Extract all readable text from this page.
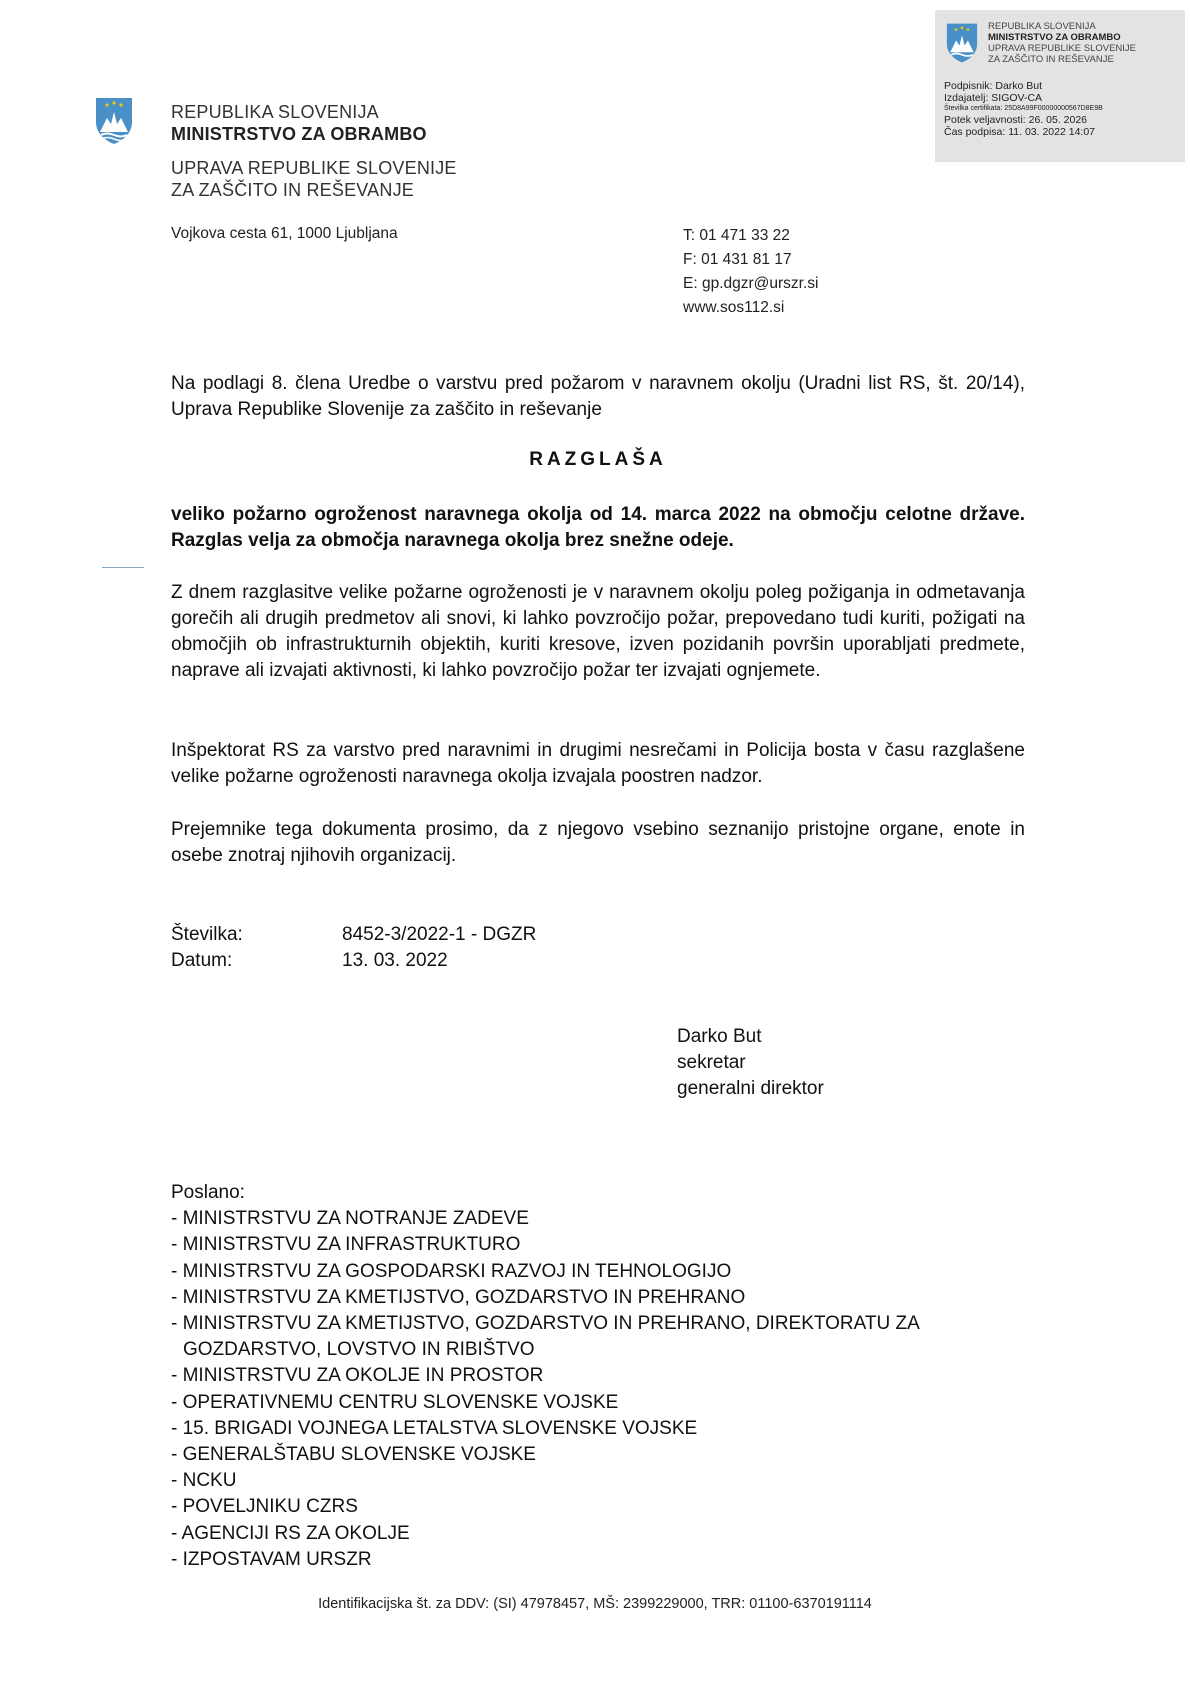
REPUBLIKA SLOVENIJA
MINISTRSTVO ZA OBRAMBO
UPRAVA REPUBLIKE SLOVENIJE
ZA ZAŠČITO IN REŠEVANJE
Podpisnik: Darko But
Izdajatelj: SIGOV-CA
Številka certifikata: 25D8A99F00000000567D8E9B
Potek veljavnosti: 26. 05. 2026
Čas podpisa: 11. 03. 2022 14:07
REPUBLIKA SLOVENIJA
MINISTRSTVO ZA OBRAMBO
UPRAVA REPUBLIKE SLOVENIJE
ZA ZAŠČITO IN REŠEVANJE
Vojkova cesta 61, 1000 Ljubljana	T: 01 471 33 22
F: 01 431 81 17
E: gp.dgzr@urszr.si
www.sos112.si
Na podlagi 8. člena Uredbe o varstvu pred požarom v naravnem okolju (Uradni list RS, št. 20/14), Uprava Republike Slovenije za zaščito in reševanje
RAZGLAŠA
veliko požarno ogroženost naravnega okolja od 14. marca 2022 na območju celotne države. Razglas velja za območja naravnega okolja brez snežne odeje.
Z dnem razglasitve velike požarne ogroženosti je v naravnem okolju poleg požiganja in odmetavanja gorečih ali drugih predmetov ali snovi, ki lahko povzročijo požar, prepovedano tudi kuriti, požigati na območjih ob infrastrukturnih objektih, kuriti kresove, izven pozidanih površin uporabljati predmete, naprave ali izvajati aktivnosti, ki lahko povzročijo požar ter izvajati ognjemete.
Inšpektorat RS za varstvo pred naravnimi in drugimi nesrečami in Policija bosta v času razglašene velike požarne ogroženosti naravnega okolja izvajala poostren nadzor.
Prejemnike tega dokumenta prosimo, da z njegovo vsebino seznanijo pristojne organe, enote in osebe znotraj njihovih organizacij.
Številka:	8452-3/2022-1 - DGZR
Datum:	13. 03. 2022
Darko But
sekretar
generalni direktor
Poslano:
- MINISTRSTVU ZA NOTRANJE ZADEVE
- MINISTRSTVU ZA INFRASTRUKTURO
- MINISTRSTVU ZA GOSPODARSKI RAZVOJ IN TEHNOLOGIJO
- MINISTRSTVU ZA KMETIJSTVO, GOZDARSTVO IN PREHRANO
- MINISTRSTVU ZA KMETIJSTVO, GOZDARSTVO IN PREHRANO, DIREKTORATU ZA
GOZDARSTVO, LOVSTVO IN RIBIŠTVO
- MINISTRSTVU ZA OKOLJE IN PROSTOR
- OPERATIVNEMU CENTRU SLOVENSKE VOJSKE
- 15. BRIGADI VOJNEGA LETALSTVA SLOVENSKE VOJSKE
- GENERALŠTABU SLOVENSKE VOJSKE
- NCKU
- POVELJNIKU CZRS
- AGENCIJI RS ZA OKOLJE
- IZPOSTAVAM URSZR
Identifikacijska št. za DDV: (SI) 47978457, MŠ: 2399229000, TRR: 01100-6370191114
